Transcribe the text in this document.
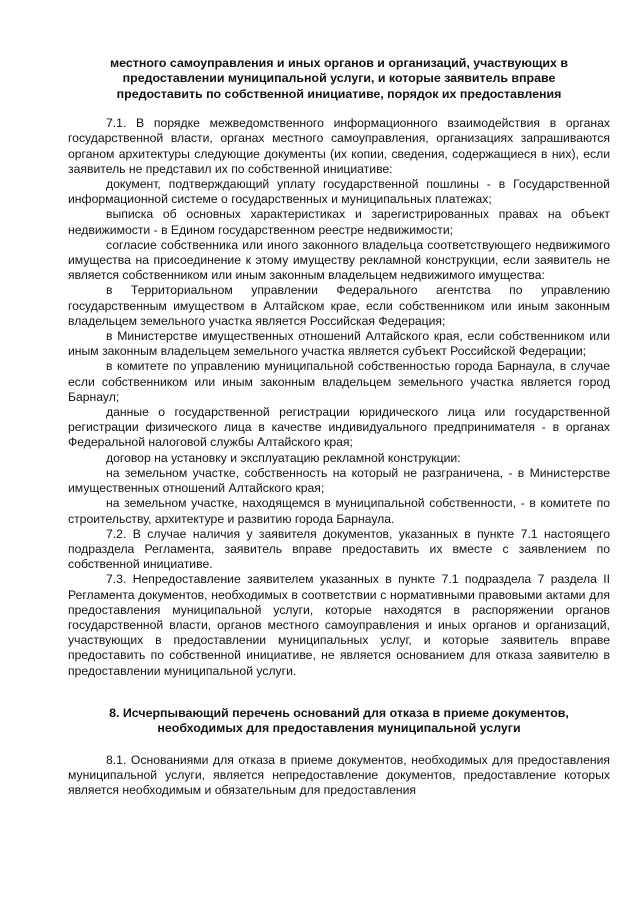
местного самоуправления и иных органов и организаций, участвующих в
предоставлении муниципальной услуги, и которые заявитель вправе
предоставить по собственной инициативе, порядок их предоставления

7.1. В порядке межведомственного информационного взаимодействия в органах государственной власти, органах местного самоуправления, организациях запрашиваются органом архитектуры следующие документы (их копии, сведения, содержащиеся в них), если заявитель не представил их по собственной инициативе:

документ, подтверждающий уплату государственной пошлины - в Государственной информационной системе о государственных и муниципальных платежах;

выписка об основных характеристиках и зарегистрированных правах на объект недвижимости - в Едином государственном реестре недвижимости;

согласие собственника или иного законного владельца соответствующего недвижимого имущества на присоединение к этому имуществу рекламной конструкции, если заявитель не является собственником или иным законным владельцем недвижимого имущества:

в Территориальном управлении Федерального агентства по управлению государственным имуществом в Алтайском крае, если собственником или иным законным владельцем земельного участка является Российская Федерация;

в Министерстве имущественных отношений Алтайского края, если собственником или иным законным владельцем земельного участка является субъект Российской Федерации;

в комитете по управлению муниципальной собственностью города Барнаула, в случае если собственником или иным законным владельцем земельного участка является город Барнаул;

данные о государственной регистрации юридического лица или государственной регистрации физического лица в качестве индивидуального предпринимателя - в органах Федеральной налоговой службы Алтайского края;

договор на установку и эксплуатацию рекламной конструкции:

на земельном участке, собственность на который не разграничена, - в Министерстве имущественных отношений Алтайского края;

на земельном участке, находящемся в муниципальной собственности, - в комитете по строительству, архитектуре и развитию города Барнаула.

7.2. В случае наличия у заявителя документов, указанных в пункте 7.1 настоящего подраздела Регламента, заявитель вправе предоставить их вместе с заявлением по собственной инициативе.

7.3. Непредоставление заявителем указанных в пункте 7.1 подраздела 7 раздела II Регламента документов, необходимых в соответствии с нормативными правовыми актами для предоставления муниципальной услуги, которые находятся в распоряжении органов государственной власти, органов местного самоуправления и иных органов и организаций, участвующих в предоставлении муниципальных услуг, и которые заявитель вправе предоставить по собственной инициативе, не является основанием для отказа заявителю в предоставлении муниципальной услуги.

8. Исчерпывающий перечень оснований для отказа в приеме документов,
необходимых для предоставления муниципальной услуги

8.1. Основаниями для отказа в приеме документов, необходимых для предоставления муниципальной услуги, является непредоставление документов, предоставление которых является необходимым и обязательным для предоставления
